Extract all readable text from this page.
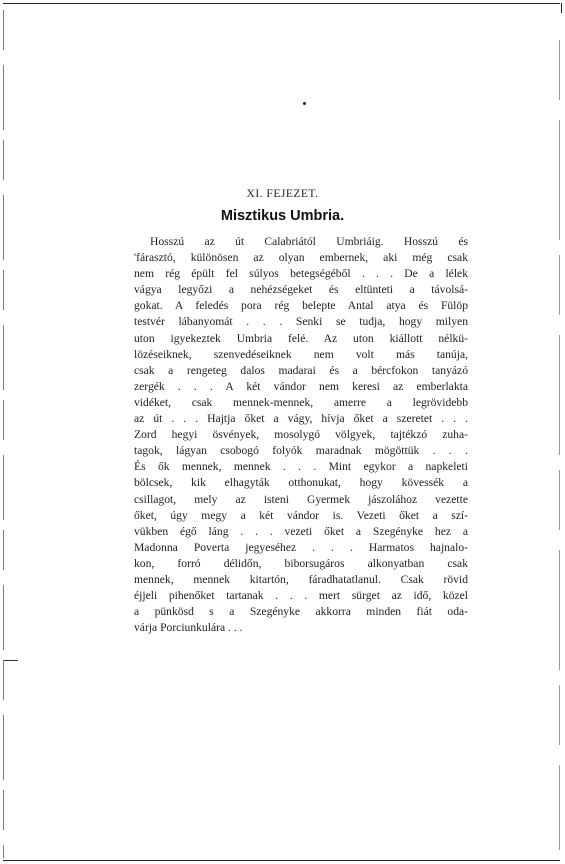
XI. FEJEZET.
Misztikus Umbria.
Hosszú az út Calabriától Umbriáig. Hosszú és
'fárasztó, különösen az olyan embernek, aki még csak
nem rég épült fel súlyos betegségéből . . . De a lélek
vágya legyőzi a nehézségeket és eltünteti a távolsá-
gokat. A feledés pora rég belepte Antal atya és Fülöp
testvér lábanyomát . . . Senki se tudja, hogy milyen
uton igyekeztek Umbria felé. Az uton kiállott nélkü-
lözéseiknek, szenvedéseiknek nem volt más tanúja,
csak a rengeteg dalos madarai és a bércfokon tanyázó
zergék . . . A két vándor nem keresi az emberlakta
vidéket, csak mennek-mennek, amerre a legrövidebb
az út . . . Hajtja őket a vágy, hívja őket a szeretet . . .
Zord hegyi ösvények, mosolygó völgyek, tajtékzó zuha-
tagok, lágyan csobogó folyók maradnak mögöttük . . .
És ők mennek, mennek . . . Mint egykor a napkeleti
bölcsek, kik elhagyták otthonukat, hogy kövessék a
csillagot, mely az isteni Gyermek jászolához vezette
őket, úgy megy a két vándor is. Vezeti őket a szí-
vükben égő láng . . . vezeti őket a Szegényke hez a
Madonna Poverta jegyeséhez . . . Harmatos hajnalo-
kon, forró délidőn, biborsugáros alkonyatban csak
mennek, mennek kitartón, fáradhatatlanul. Csak rövid
éjjeli pihenőket tartanak . . . mert sürget az idő, közel
a pünkösd s a Szegényke akkorra minden fiát oda-
várja Porciunkulára . . .
